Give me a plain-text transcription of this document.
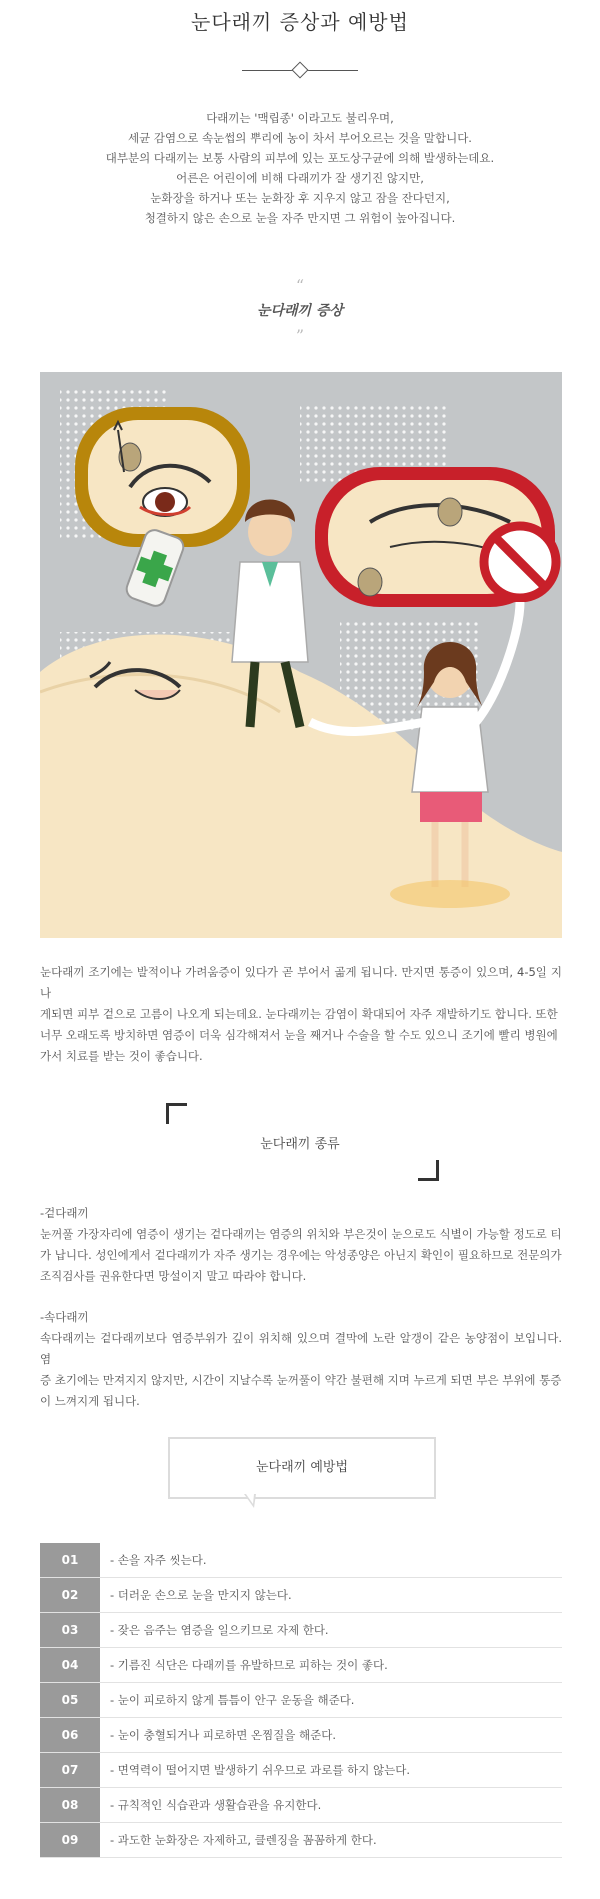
눈다래끼 증상과 예방법

다래끼는 '맥립종' 이라고도 불리우며,

세균 감염으로 속눈썹의 뿌리에 농이 차서 부어오르는 것을 말합니다.

대부분의 다래끼는 보통 사람의 피부에 있는 포도상구균에 의해 발생하는데요.

어른은 어린이에 비해 다래끼가 잘 생기진 않지만,

눈화장을 하거나 또는 눈화장 후 지우지 않고 잠을 잔다던지,

청결하지 않은 손으로 눈을 자주 만지면 그 위험이 높아집니다.

“
눈다래끼 증상
”

눈다래끼 조기에는 발적이나 가려움증이 있다가 곧 부어서 곪게 됩니다. 만지면 통증이 있으며, 4-5일 지나

게되면 피부 겉으로 고름이 나오게 되는데요. 눈다래끼는 감염이 확대되어 자주 재발하기도 합니다. 또한

너무 오래도록 방치하면 염증이 더욱 심각해져서 눈을 째거나 수술을 할 수도 있으니 조기에 빨리 병원에

가서 치료를 받는 것이 좋습니다.

눈다래끼 종류
-겉다래끼

눈꺼풀 가장자리에 염증이 생기는 겉다래끼는 염증의 위치와 부은것이 눈으로도 식별이 가능할 정도로 티

가 납니다. 성인에게서 겉다래끼가 자주 생기는 경우에는 악성종양은 아닌지 확인이 필요하므로 전문의가

조직검사를 권유한다면 망설이지 말고 따라야 합니다.

-속다래끼

속다래끼는 겉다래끼보다 염증부위가 깊이 위치해 있으며 결막에 노란 알갱이 같은 농양점이 보입니다. 염

증 초기에는 만져지지 않지만, 시간이 지날수록 눈꺼풀이 약간 불편해 지며 누르게 되면 부은 부위에 통증

이 느껴지게 됩니다.

눈다래끼 예방법
01	- 손을 자주 씻는다.
02	- 더러운 손으로 눈을 만지지 않는다.
03	- 잦은 음주는 염증을 일으키므로 자제 한다.
04	- 기름진 식단은 다래끼를 유발하므로 피하는 것이 좋다.
05	- 눈이 피로하지 않게 틈틈이 안구 운동을 해준다.
06	- 눈이 충혈되거나 피로하면 온찜질을 해준다.
07	- 면역력이 떨어지면 발생하기 쉬우므로 과로를 하지 않는다.
08	- 규칙적인 식습관과 생활습관을 유지한다.
09	- 과도한 눈화장은 자제하고, 클렌징을 꼼꼼하게 한다.
